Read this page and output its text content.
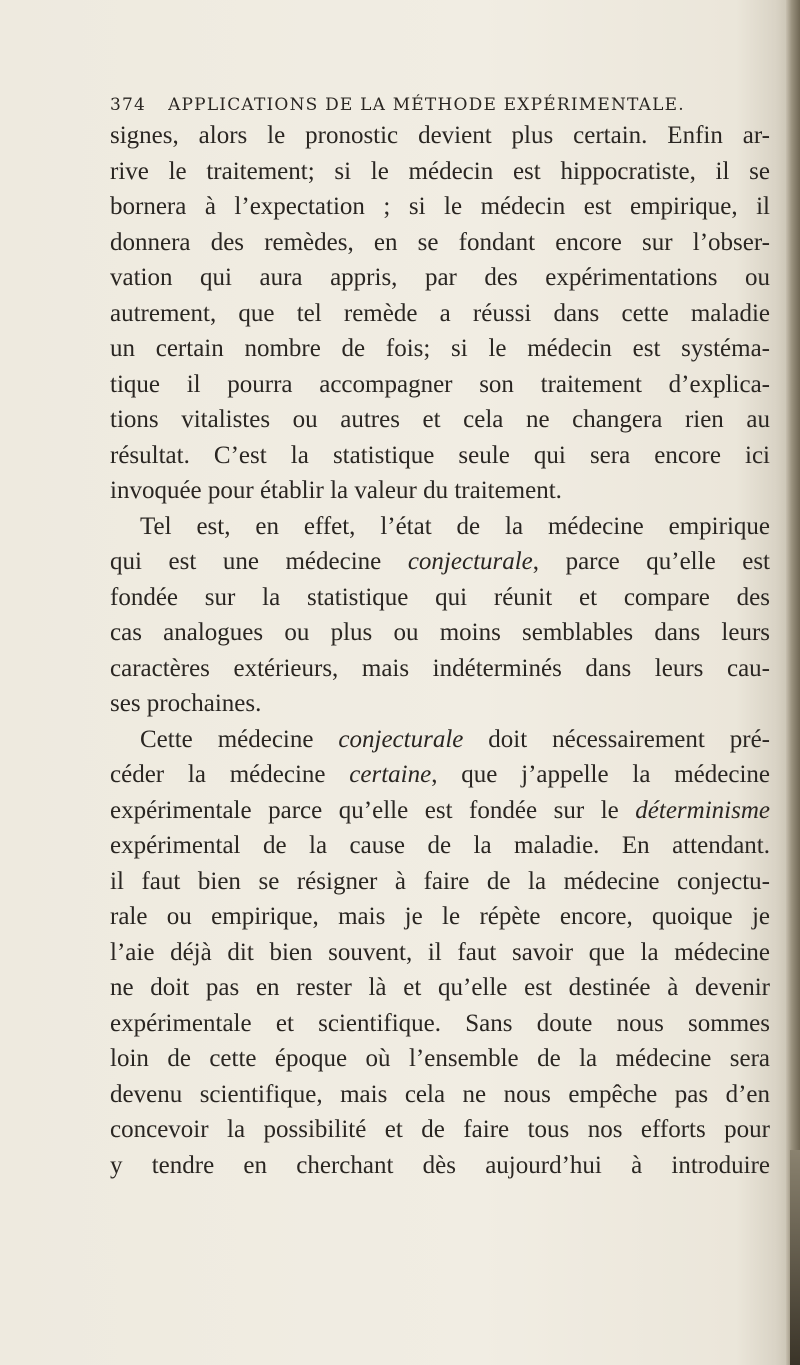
374 APPLICATIONS DE LA MÉTHODE EXPÉRIMENTALE.
signes, alors le pronostic devient plus certain. Enfin ar-
rive le traitement; si le médecin est hippocratiste, il se
bornera à l’expectation ; si le médecin est empirique, il
donnera des remèdes, en se fondant encore sur l’obser-
vation qui aura appris, par des expérimentations ou
autrement, que tel remède a réussi dans cette maladie
un certain nombre de fois; si le médecin est systéma-
tique il pourra accompagner son traitement d’explica-
tions vitalistes ou autres et cela ne changera rien au
résultat. C’est la statistique seule qui sera encore ici
invoquée pour établir la valeur du traitement.
Tel est, en effet, l’état de la médecine empirique
qui est une médecine conjecturale, parce qu’elle est
fondée sur la statistique qui réunit et compare des
cas analogues ou plus ou moins semblables dans leurs
caractères extérieurs, mais indéterminés dans leurs cau-
ses prochaines.
Cette médecine conjecturale doit nécessairement pré-
céder la médecine certaine, que j’appelle la médecine
expérimentale parce qu’elle est fondée sur le déterminisme
expérimental de la cause de la maladie. En attendant.
il faut bien se résigner à faire de la médecine conjectu-
rale ou empirique, mais je le répète encore, quoique je
l’aie déjà dit bien souvent, il faut savoir que la médecine
ne doit pas en rester là et qu’elle est destinée à devenir
expérimentale et scientifique. Sans doute nous sommes
loin de cette époque où l’ensemble de la médecine sera
devenu scientifique, mais cela ne nous empêche pas d’en
concevoir la possibilité et de faire tous nos efforts pour
y tendre en cherchant dès aujourd’hui à introduire
